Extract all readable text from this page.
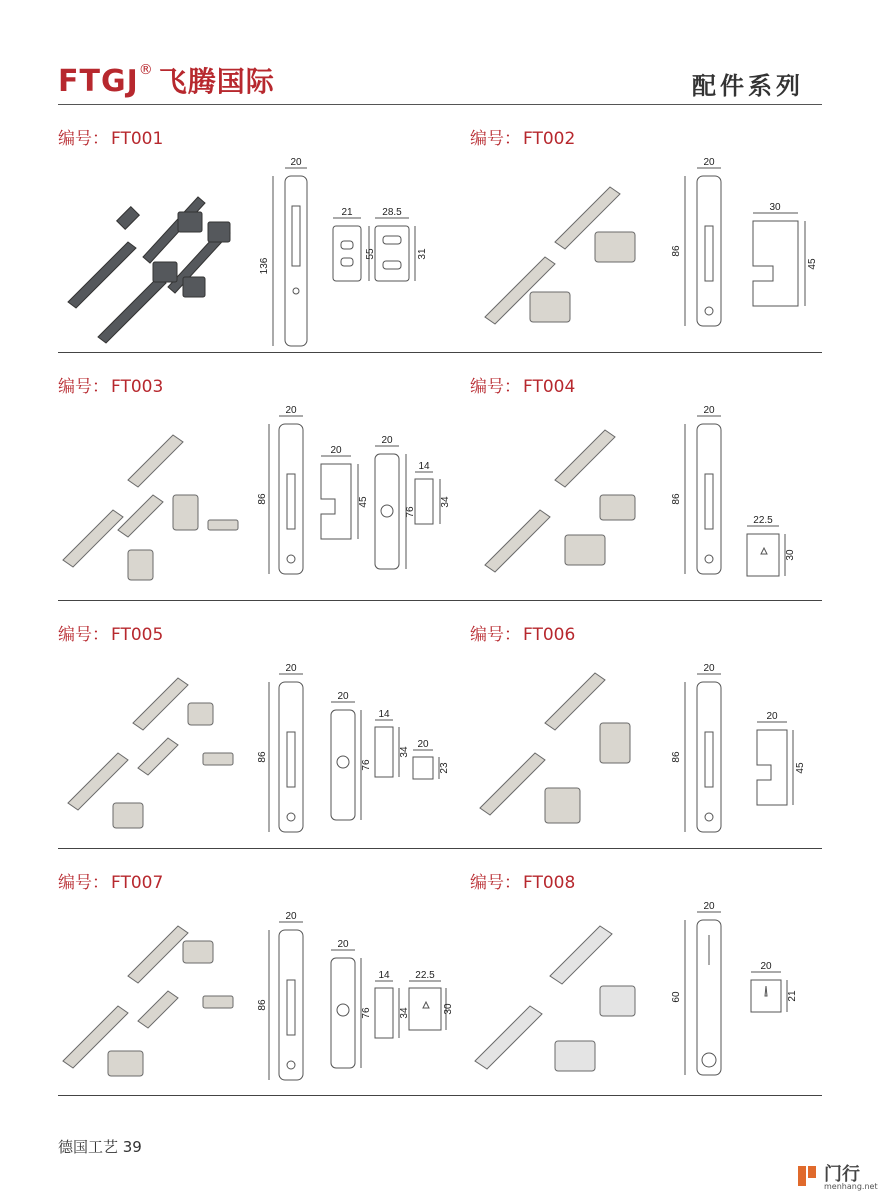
FTGJ® 飞腾国际	配件系列
编号： FT001
20
136
21
55
28.5
31
编号： FT002
20
86
30
45
编号： FT003
20
86
20
45
20
76
14
34
编号： FT004
20
86
22.5
30
编号： FT005
20
86
20
76
14
34
20
23
编号： FT006
20
86
20
45
编号： FT007
20
86
20
76
14
34
22.5
30
编号： FT008
20
60
20
21
德国工艺 39
门行
menhang.net
